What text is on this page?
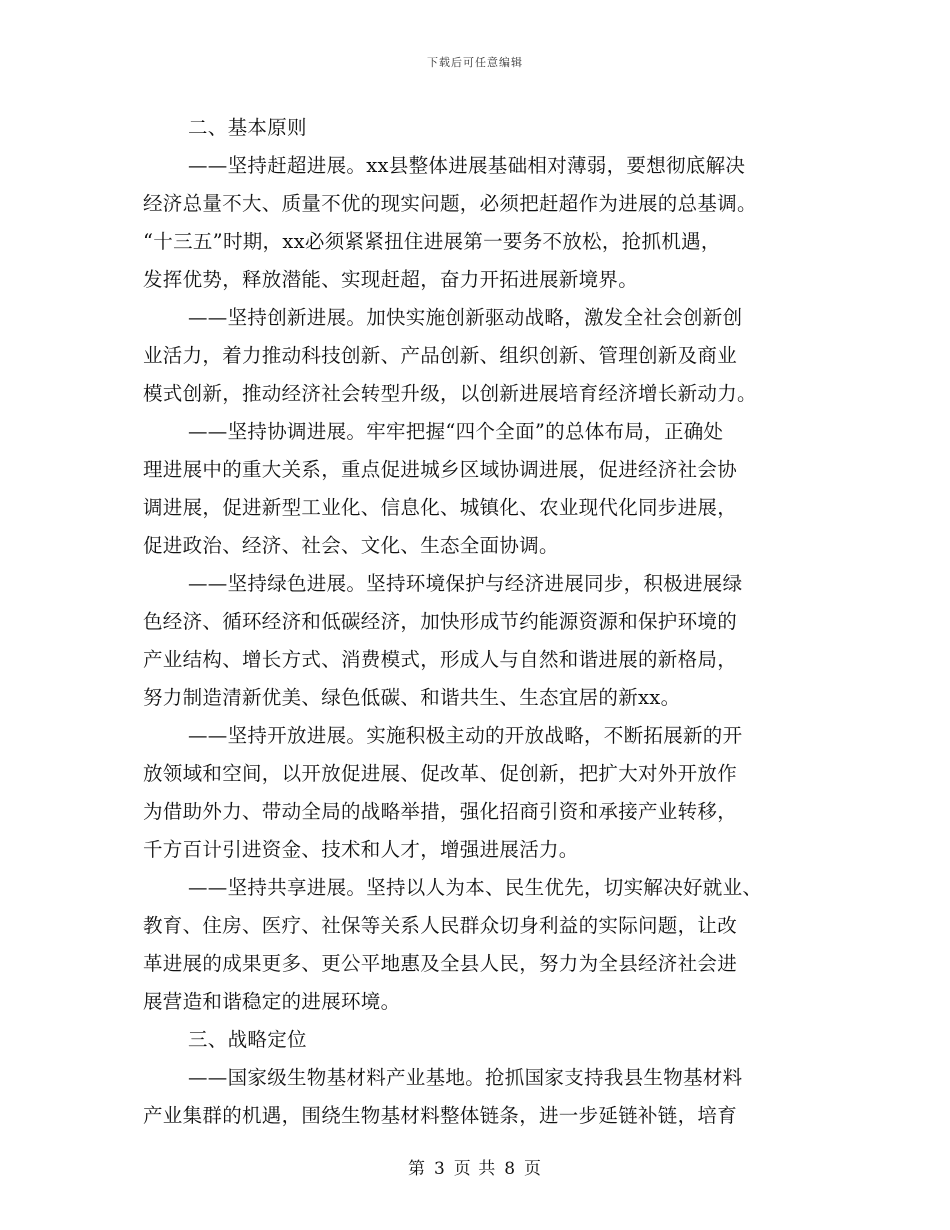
下载后可任意编辑
二、基本原则
——坚持赶超进展。xx县整体进展基础相对薄弱，要想彻底解决
经济总量不大、质量不优的现实问题，必须把赶超作为进展的总基调。
“十三五”时期，xx必须紧紧扭住进展第一要务不放松，抢抓机遇，
发挥优势，释放潜能、实现赶超，奋力开拓进展新境界。
——坚持创新进展。加快实施创新驱动战略，激发全社会创新创
业活力，着力推动科技创新、产品创新、组织创新、管理创新及商业
模式创新，推动经济社会转型升级，以创新进展培育经济增长新动力。
——坚持协调进展。牢牢把握“四个全面”的总体布局，正确处
理进展中的重大关系，重点促进城乡区域协调进展，促进经济社会协
调进展，促进新型工业化、信息化、城镇化、农业现代化同步进展，
促进政治、经济、社会、文化、生态全面协调。
——坚持绿色进展。坚持环境保护与经济进展同步，积极进展绿
色经济、循环经济和低碳经济，加快形成节约能源资源和保护环境的
产业结构、增长方式、消费模式，形成人与自然和谐进展的新格局，
努力制造清新优美、绿色低碳、和谐共生、生态宜居的新xx。
——坚持开放进展。实施积极主动的开放战略，不断拓展新的开
放领域和空间，以开放促进展、促改革、促创新，把扩大对外开放作
为借助外力、带动全局的战略举措，强化招商引资和承接产业转移，
千方百计引进资金、技术和人才，增强进展活力。
——坚持共享进展。坚持以人为本、民生优先，切实解决好就业、
教育、住房、医疗、社保等关系人民群众切身利益的实际问题，让改
革进展的成果更多、更公平地惠及全县人民，努力为全县经济社会进
展营造和谐稳定的进展环境。
三、战略定位
——国家级生物基材料产业基地。抢抓国家支持我县生物基材料
产业集群的机遇，围绕生物基材料整体链条，进一步延链补链，培育
第 3 页 共 8 页
